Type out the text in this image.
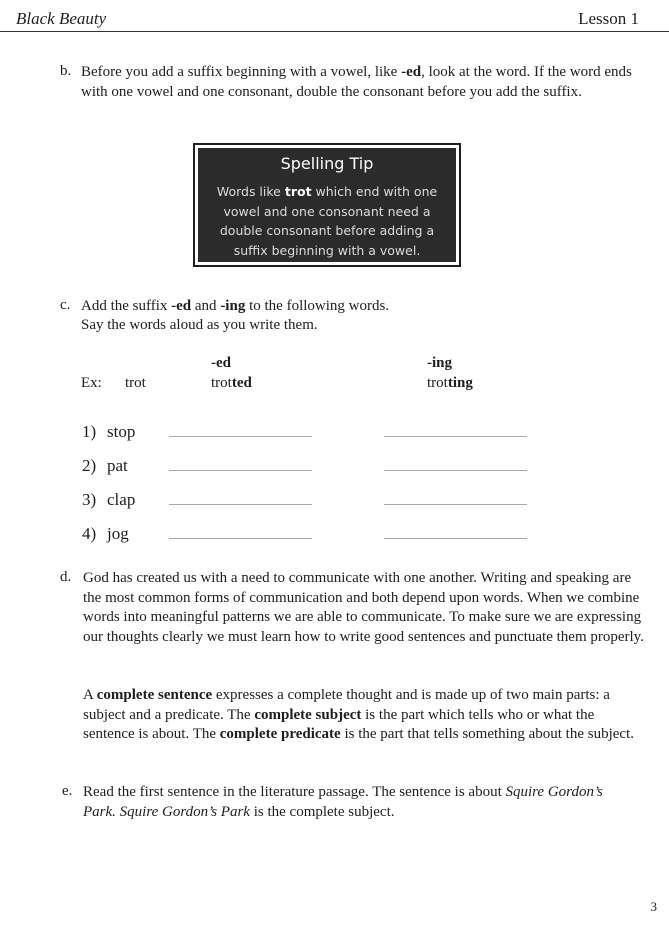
Black Beauty	Lesson 1
b. Before you add a suffix beginning with a vowel, like -ed, look at the word. If the word ends with one vowel and one consonant, double the consonant before you add the suffix.
Spelling Tip
Words like trot which end with one vowel and one consonant need a double consonant before adding a suffix beginning with a vowel.
c. Add the suffix -ed and -ing to the following words.
Say the words aloud as you write them.
-ed	-ing
Ex: trot	trotted	trotting
1) stop
2) pat
3) clap
4) jog
d. God has created us with a need to communicate with one another. Writing and speaking are the most common forms of communication and both depend upon words. When we combine words into meaningful patterns we are able to communicate. To make sure we are expressing our thoughts clearly we must learn how to write good sentences and punctuate them properly.
A complete sentence expresses a complete thought and is made up of two main parts: a subject and a predicate. The complete subject is the part which tells who or what the sentence is about. The complete predicate is the part that tells something about the subject.
e. Read the first sentence in the literature passage. The sentence is about Squire Gordon’s Park. Squire Gordon’s Park is the complete subject.
3
